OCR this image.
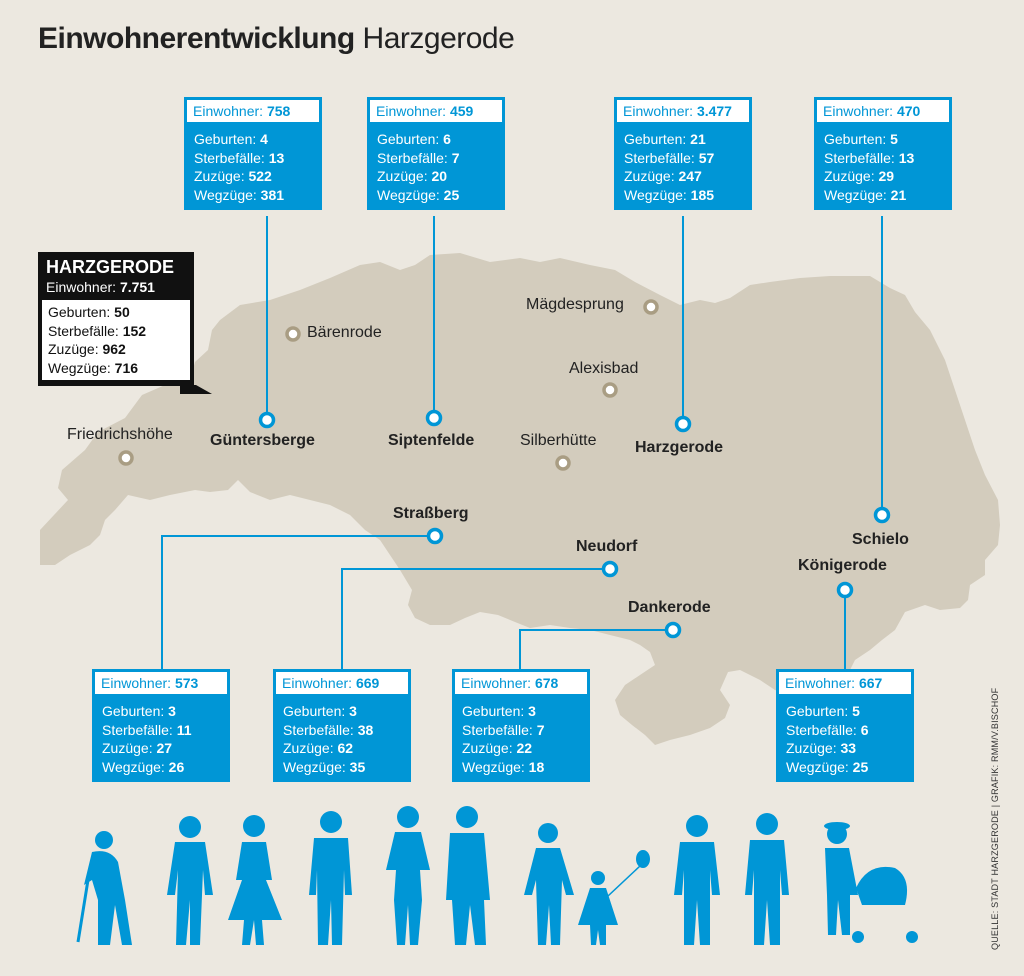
Einwohnerentwicklung Harzgerode
HARZGERODE
Einwohner: 7.751
Geburten: 50
Sterbefälle: 152
Zuzüge: 962
Wegzüge: 716
Einwohner: 758
Geburten: 4
Sterbefälle: 13
Zuzüge: 522
Wegzüge: 381
Einwohner: 459
Geburten: 6
Sterbefälle: 7
Zuzüge: 20
Wegzüge: 25
Einwohner: 3.477
Geburten: 21
Sterbefälle: 57
Zuzüge: 247
Wegzüge: 185
Einwohner: 470
Geburten: 5
Sterbefälle: 13
Zuzüge: 29
Wegzüge: 21
Einwohner: 573
Geburten: 3
Sterbefälle: 11
Zuzüge: 27
Wegzüge: 26
Einwohner: 669
Geburten: 3
Sterbefälle: 38
Zuzüge: 62
Wegzüge: 35
Einwohner: 678
Geburten: 3
Sterbefälle: 7
Zuzüge: 22
Wegzüge: 18
Einwohner: 667
Geburten: 5
Sterbefälle: 6
Zuzüge: 33
Wegzüge: 25
Güntersberge	Siptenfelde	Harzgerode
Schielo
Straßberg
Neudorf
Dankerode
Königerode
Mägdesprung
Bärenrode
Alexisbad
Friedrichshöhe	Silberhütte
QUELLE: STADT HARZGERODE | GRAFIK: RMM/V.BISCHOF
